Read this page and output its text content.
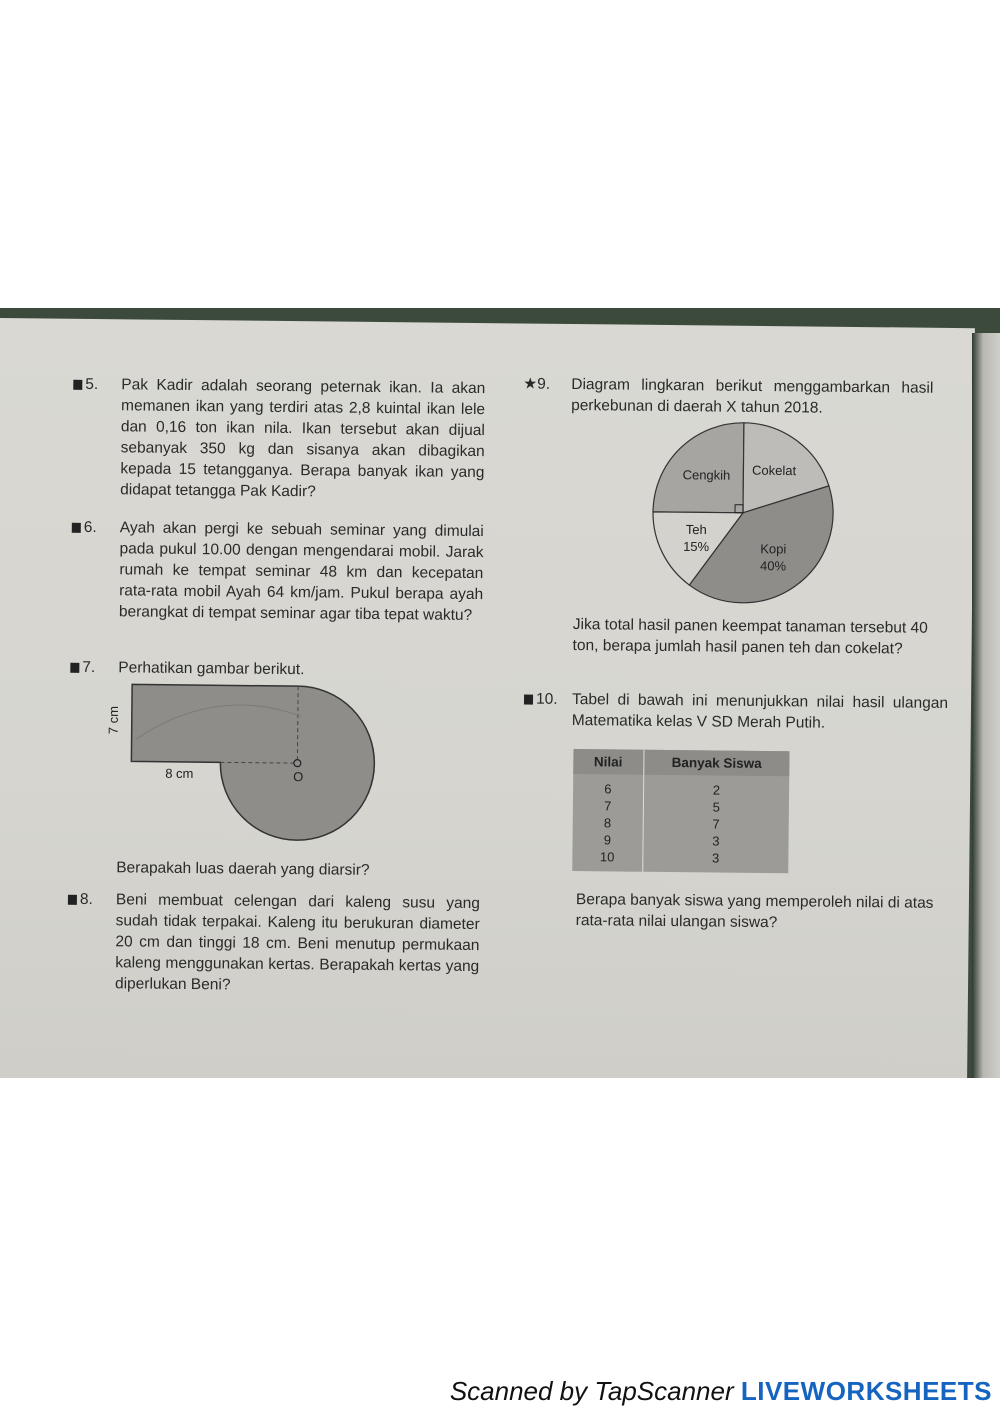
5. Pak Kadir adalah seorang peternak ikan. Ia akan memanen ikan yang terdiri atas 2,8 kuintal ikan lele dan 0,16 ton ikan nila. Ikan tersebut akan dijual sebanyak 350 kg dan sisanya akan dibagikan kepada 15 tetangganya. Berapa banyak ikan yang didapat tetangga Pak Kadir?
6. Ayah akan pergi ke sebuah seminar yang dimulai pada pukul 10.00 dengan mengendarai mobil. Jarak rumah ke tempat seminar 48 km dan kecepatan rata-rata mobil Ayah 64 km/jam. Pukul berapa ayah berangkat di tempat seminar agar tiba tepat waktu?
7. Perhatikan gambar berikut.
7 cm
8 cm	O
Berapakah luas daerah yang diarsir?
8. Beni membuat celengan dari kaleng susu yang sudah tidak terpakai. Kaleng itu berukuran diameter 20 cm dan tinggi 18 cm. Beni menutup permukaan kaleng menggunakan kertas. Berapakah kertas yang diperlukan Beni?
★9. Diagram lingkaran berikut menggambarkan hasil perkebunan di daerah X tahun 2018.
Cengkih Cokelat
Kopi
40%
Teh
15%
Jika total hasil panen keempat tanaman tersebut 40 ton, berapa jumlah hasil panen teh dan cokelat?
10. Tabel di bawah ini menunjukkan nilai hasil ulangan Matematika kelas V SD Merah Putih.
Nilai	Banyak Siswa
6	2
7	5
8	7
9	3
10	3
Berapa banyak siswa yang memperoleh nilai di atas rata-rata nilai ulangan siswa?
Scanned by TapScanner LIVEWORKSHEETS
